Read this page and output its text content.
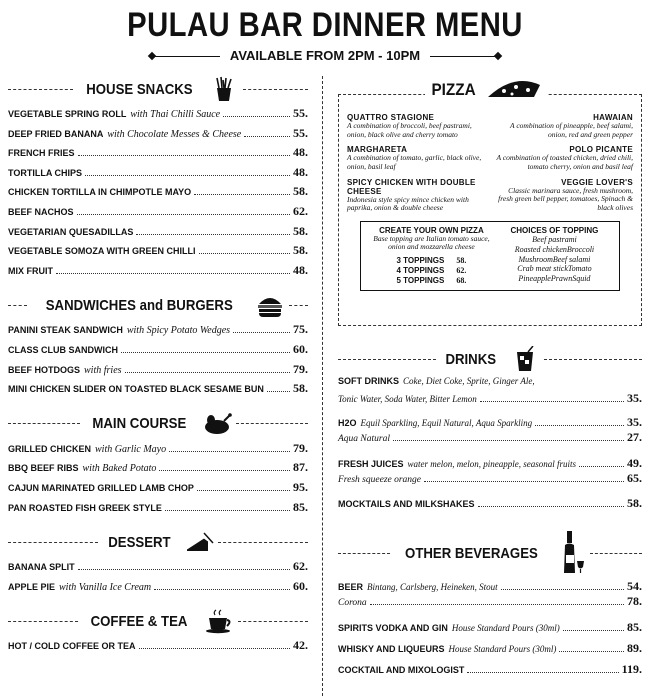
PULAU BAR DINNER MENU
AVAILABLE FROM 2PM - 10PM
HOUSE SNACKS
VEGETABLE SPRING ROLL with Thai Chilli Sauce	55.
DEEP FRIED BANANA with Chocolate Messes & Cheese	55.
FRENCH FRIES	48.
TORTILLA CHIPS	48.
CHICKEN TORTILLA IN CHIMPOTLE MAYO	58.
BEEF NACHOS	62.
VEGETARIAN QUESADILLAS	58.
VEGETABLE SOMOZA WITH GREEN CHILLI	58.
MIX FRUIT	48.
SANDWICHES and BURGERS
PANINI STEAK SANDWICH with Spicy Potato Wedges	75.
CLASS CLUB SANDWICH	60.
BEEF HOTDOGS with fries	79.
MINI CHICKEN SLIDER ON TOASTED BLACK SESAME BUN 58.
MAIN COURSE
GRILLED CHICKEN with Garlic Mayo	79.
BBQ BEEF RIBS with Baked Potato	87.
CAJUN MARINATED GRILLED LAMB CHOP	95.
PAN ROASTED FISH GREEK STYLE	85.
DESSERT
BANANA SPLIT	62.
APPLE PIE with Vanilla Ice Cream	60.
COFFEE & TEA
HOT / COLD COFFEE OR TEA	42.
PIZZA
QUATTRO STAGIONE
A combination of broccoli, beef pastrami, onion, black olive and cherry tomato
HAWAIAN
A combination of pineapple, beef salami, onion, red and green pepper
MARGHARETA
A combination of tomato, garlic, black olive, onion, basil leaf
POLO PICANTE
A combination of toasted chicken, dried chili, tomato cherry, onion and basil leaf
SPICY CHICKEN WITH DOUBLE CHEESE
Indonesia style spicy mince chicken with paprika, onion & double cheese
VEGGIE LOVER'S
Classic marinara sauce, fresh mushroom, fresh green bell pepper, tomatoes, Spinach & black olives
CREATE YOUR OWN PIZZA
Base topping are Italian tomato sauce, onion and mozzarella cheese
3 TOPPINGS 58.
4 TOPPINGS 62.
5 TOPPINGS 68.
CHOICES OF TOPPING
Beef pastrami
Roasted chickenBroccoli
MushroomBeef salami
Crab meat stickTomato
PineapplePrawnSquid
DRINKS
SOFT DRINKS Coke, Diet Coke, Sprite, Ginger Ale,
Tonic Water, Soda Water, Bitter Lemon	35.
H2O Equil Sparkling, Equil Natural, Aqua Sparkling	35.
Aqua Natural	27.
FRESH JUICES water melon, melon, pineapple, seasonal fruits	49.
Fresh squeeze orange	65.
MOCKTAILS AND MILKSHAKES	58.
OTHER BEVERAGES
BEER Bintang, Carlsberg, Heineken, Stout	54.
Corona	78.
SPIRITS VODKA AND GIN House Standard Pours (30ml)	85.
WHISKY AND LIQUEURS House Standard Pours (30ml)	89.
COCKTAIL AND MIXOLOGIST	119.
